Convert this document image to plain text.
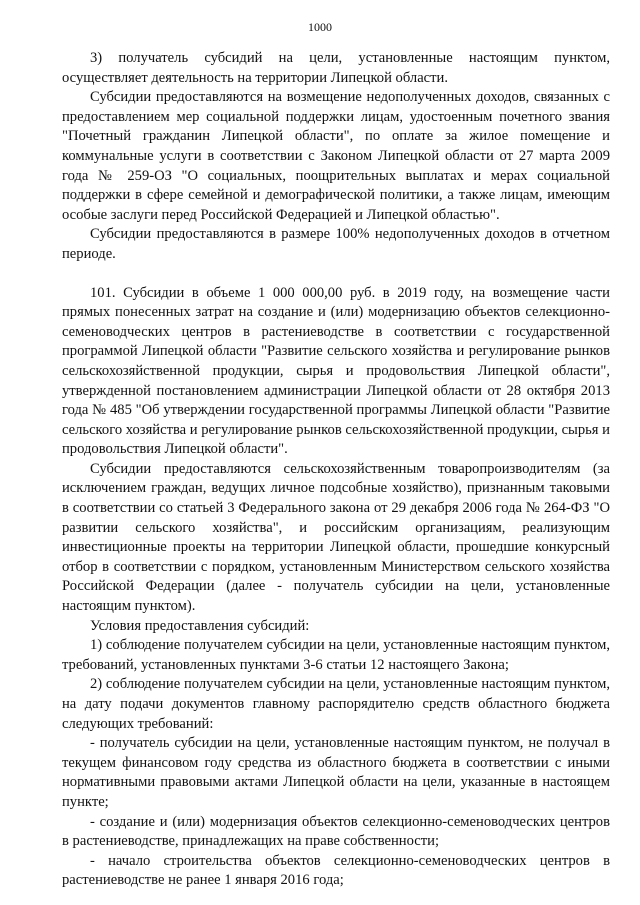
1000

3) получатель субсидий на цели, установленные настоящим пунктом, осуществляет деятельность на территории Липецкой области.

Субсидии предоставляются на возмещение недополученных доходов, связанных с предоставлением мер социальной поддержки лицам, удостоенным почетного звания "Почетный гражданин Липецкой области", по оплате за жилое помещение и коммунальные услуги в соответствии с Законом Липецкой области от 27 марта 2009 года № 259-ОЗ "О социальных, поощрительных выплатах и мерах социальной поддержки в сфере семейной и демографической политики, а также лицам, имеющим особые заслуги перед Российской Федерацией и Липецкой областью".

Субсидии предоставляются в размере 100% недополученных доходов в отчетном периоде.

101. Субсидии в объеме 1 000 000,00 руб. в 2019 году, на возмещение части прямых понесенных затрат на создание и (или) модернизацию объектов селекционно-семеноводческих центров в растениеводстве в соответствии с государственной программой Липецкой области "Развитие сельского хозяйства и регулирование рынков сельскохозяйственной продукции, сырья и продовольствия Липецкой области", утвержденной постановлением администрации Липецкой области от 28 октября 2013 года № 485 "Об утверждении государственной программы Липецкой области "Развитие сельского хозяйства и регулирование рынков сельскохозяйственной продукции, сырья и продовольствия Липецкой области".

Субсидии предоставляются сельскохозяйственным товаропроизводителям (за исключением граждан, ведущих личное подсобные хозяйство), признанным таковыми в соответствии со статьей 3 Федерального закона от 29 декабря 2006 года № 264-ФЗ "О развитии сельского хозяйства", и российским организациям, реализующим инвестиционные проекты на территории Липецкой области, прошедшие конкурсный отбор в соответствии с порядком, установленным Министерством сельского хозяйства Российской Федерации (далее - получатель субсидии на цели, установленные настоящим пунктом).

Условия предоставления субсидий:

1) соблюдение получателем субсидии на цели, установленные настоящим пунктом, требований, установленных пунктами 3-6 статьи 12 настоящего Закона;

2) соблюдение получателем субсидии на цели, установленные настоящим пунктом, на дату подачи документов главному распорядителю средств областного бюджета следующих требований:

- получатель субсидии на цели, установленные настоящим пунктом, не получал в текущем финансовом году средства из областного бюджета в соответствии с иными нормативными правовыми актами Липецкой области на цели, указанные в настоящем пункте;

- создание и (или) модернизация объектов селекционно-семеноводческих центров в растениеводстве, принадлежащих на праве собственности;

- начало строительства объектов селекционно-семеноводческих центров в растениеводстве не ранее 1 января 2016 года;
